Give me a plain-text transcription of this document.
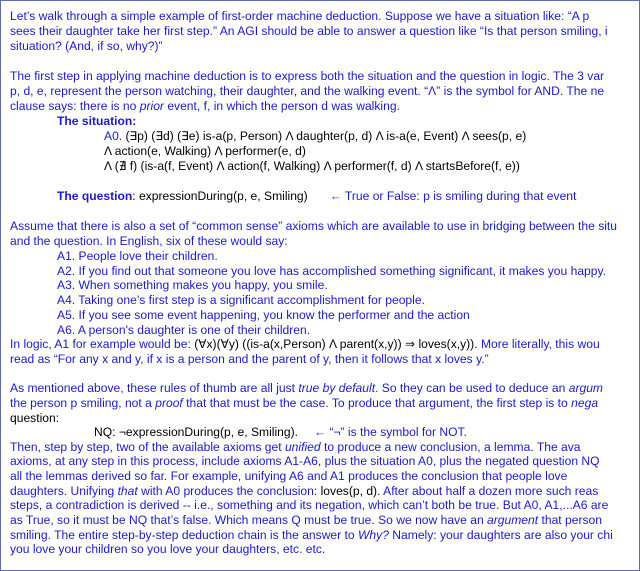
Let’s walk through a simple example of first-order machine deduction. Suppose we have a situation like: “A p
sees their daughter take her first step.” An AGI should be able to answer a question like “Is that person smiling, i
situation? (And, if so, why?)”
The first step in applying machine deduction is to express both the situation and the question in logic. The 3 var
p, d, e, represent the person watching, their daughter, and the walking event. “Λ” is the symbol for AND. The ne
clause says: there is no prior event, f, in which the person d was walking.
The situation:
A0. (∃p) (∃d) (∃e) is-a(p, Person) Λ daughter(p, d) Λ is-a(e, Event) Λ sees(p, e)
Λ action(e, Walking) Λ performer(e, d)
Λ (∄ f) (is-a(f, Event) Λ action(f, Walking) Λ performer(f, d) Λ startsBefore(f, e))
The question: expressionDuring(p, e, Smiling) ← True or False: p is smiling during that event
Assume that there is also a set of “common sense” axioms which are available to use in bridging between the situ
and the question. In English, six of these would say:
A1. People love their children.
A2. If you find out that someone you love has accomplished something significant, it makes you happy.
A3. When something makes you happy, you smile.
A4. Taking one’s first step is a significant accomplishment for people.
A5. If you see some event happening, you know the performer and the action
A6. A person's daughter is one of their children.
In logic, A1 for example would be: (∀x)(∀y) ((is-a(x,Person) Λ parent(x,y)) ⇒ loves(x,y)). More literally, this wou
read as “For any x and y, if x is a person and the parent of y, then it follows that x loves y.”
As mentioned above, these rules of thumb are all just true by default. So they can be used to deduce an argum
the person p smiling, not a proof that that must be the case. To produce that argument, the first step is to nega
question:
NQ: ¬expressionDuring(p, e, Smiling). ← “¬” is the symbol for NOT.
Then, step by step, two of the available axioms get unified to produce a new conclusion, a lemma. The ava
axioms, at any step in this process, include axioms A1-A6, plus the situation A0, plus the negated question NQ
all the lemmas derived so far. For example, unifying A6 and A1 produces the conclusion that people love
daughters. Unifying that with A0 produces the conclusion: loves(p, d). After about half a dozen more such reas
steps, a contradiction is derived -- i.e., something and its negation, which can’t both be true. But A0, A1,...A6 are
as True, so it must be NQ that’s false. Which means Q must be true. So we now have an argument that person
smiling. The entire step-by-step deduction chain is the answer to Why? Namely: your daughters are also your chi
you love your children so you love your daughters, etc. etc.
